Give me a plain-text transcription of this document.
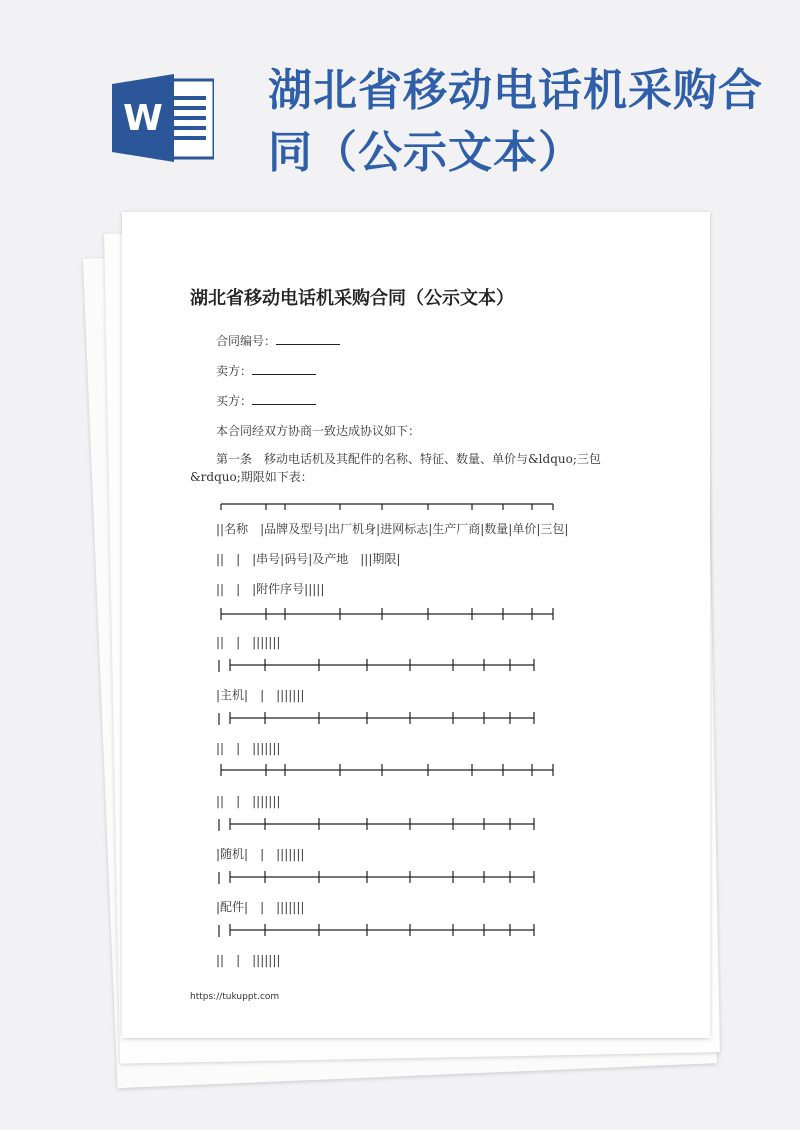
W
湖北省移动电话机采购合同（公示文本）
湖北省移动电话机采购合同（公示文本）
合同编号：
卖方：
买方：
本合同经双方协商一致达成协议如下：
第一条　移动电话机及其配件的名称、特征、数量、单价与&ldquo;三包
&rdquo;期限如下表：
||名称　|品牌及型号|出厂机身|进网标志|生产厂商|数量|单价|三包|
||　|　|串号|码号|及产地　|||期限|
||　|　|附件序号|||||
||　|　|||||||
|主机|　|　|||||||
||　|　|||||||
||　|　|||||||
|随机|　|　|||||||
|配件|　|　|||||||
||　|　|||||||
https://tukuppt.com
